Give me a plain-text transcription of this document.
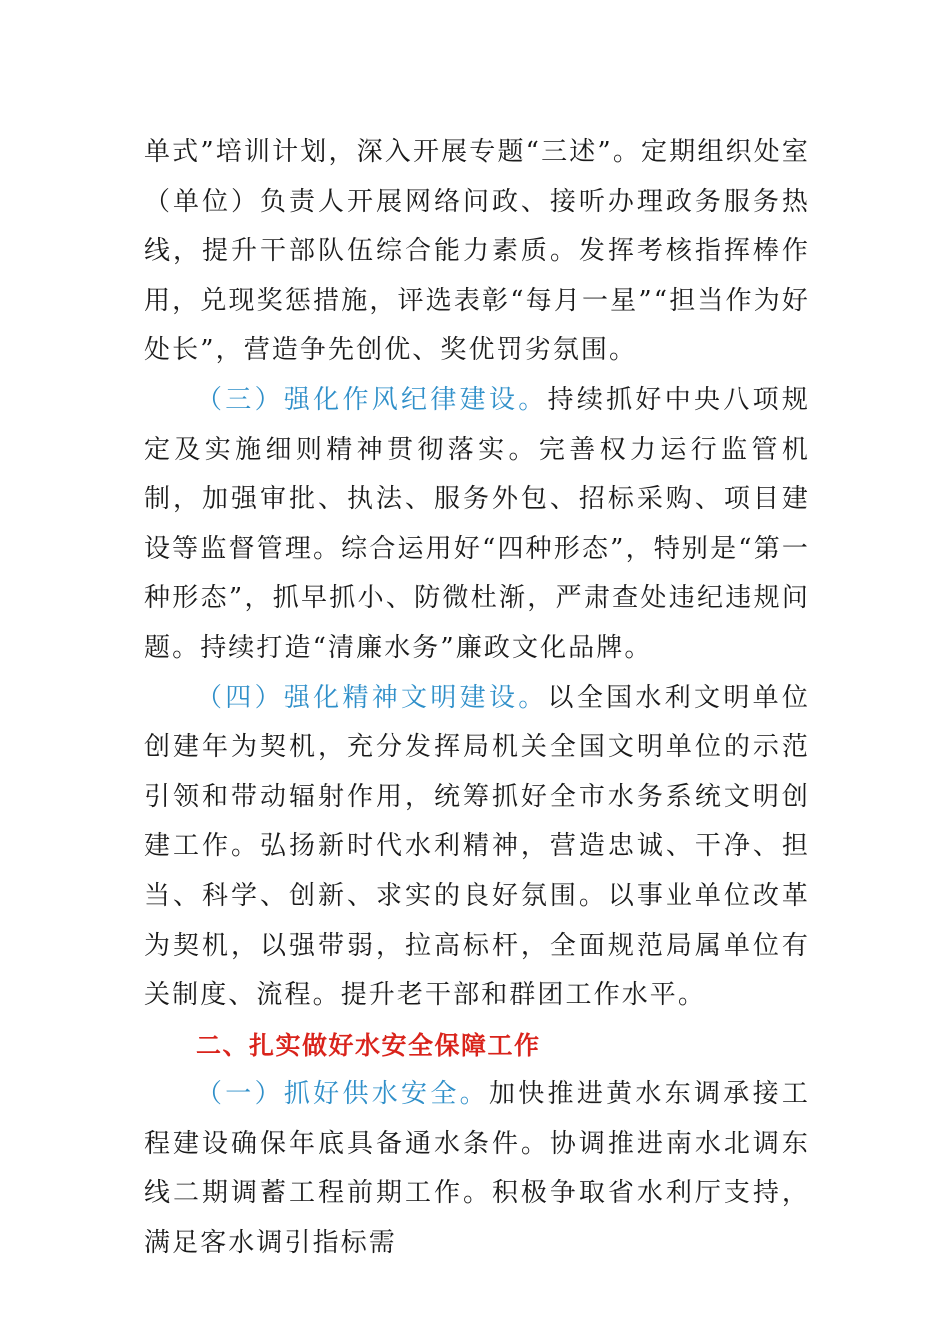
单式”培训计划，深入开展专题“三述”。定期组织处室（单位）负责人开展网络问政、接听办理政务服务热线，提升干部队伍综合能力素质。发挥考核指挥棒作用，兑现奖惩措施，评选表彰“每月一星”“担当作为好处长”，营造争先创优、奖优罚劣氛围。

（三）强化作风纪律建设。持续抓好中央八项规定及实施细则精神贯彻落实。完善权力运行监管机制，加强审批、执法、服务外包、招标采购、项目建设等监督管理。综合运用好“四种形态”，特别是“第一种形态”，抓早抓小、防微杜渐，严肃查处违纪违规问题。持续打造“清廉水务”廉政文化品牌。

（四）强化精神文明建设。以全国水利文明单位创建年为契机，充分发挥局机关全国文明单位的示范引领和带动辐射作用，统筹抓好全市水务系统文明创建工作。弘扬新时代水利精神，营造忠诚、干净、担当、科学、创新、求实的良好氛围。以事业单位改革为契机，以强带弱，拉高标杆，全面规范局属单位有关制度、流程。提升老干部和群团工作水平。

二、扎实做好水安全保障工作

（一）抓好供水安全。加快推进黄水东调承接工程建设确保年底具备通水条件。协调推进南水北调东线二期调蓄工程前期工作。积极争取省水利厅支持，满足客水调引指标需
